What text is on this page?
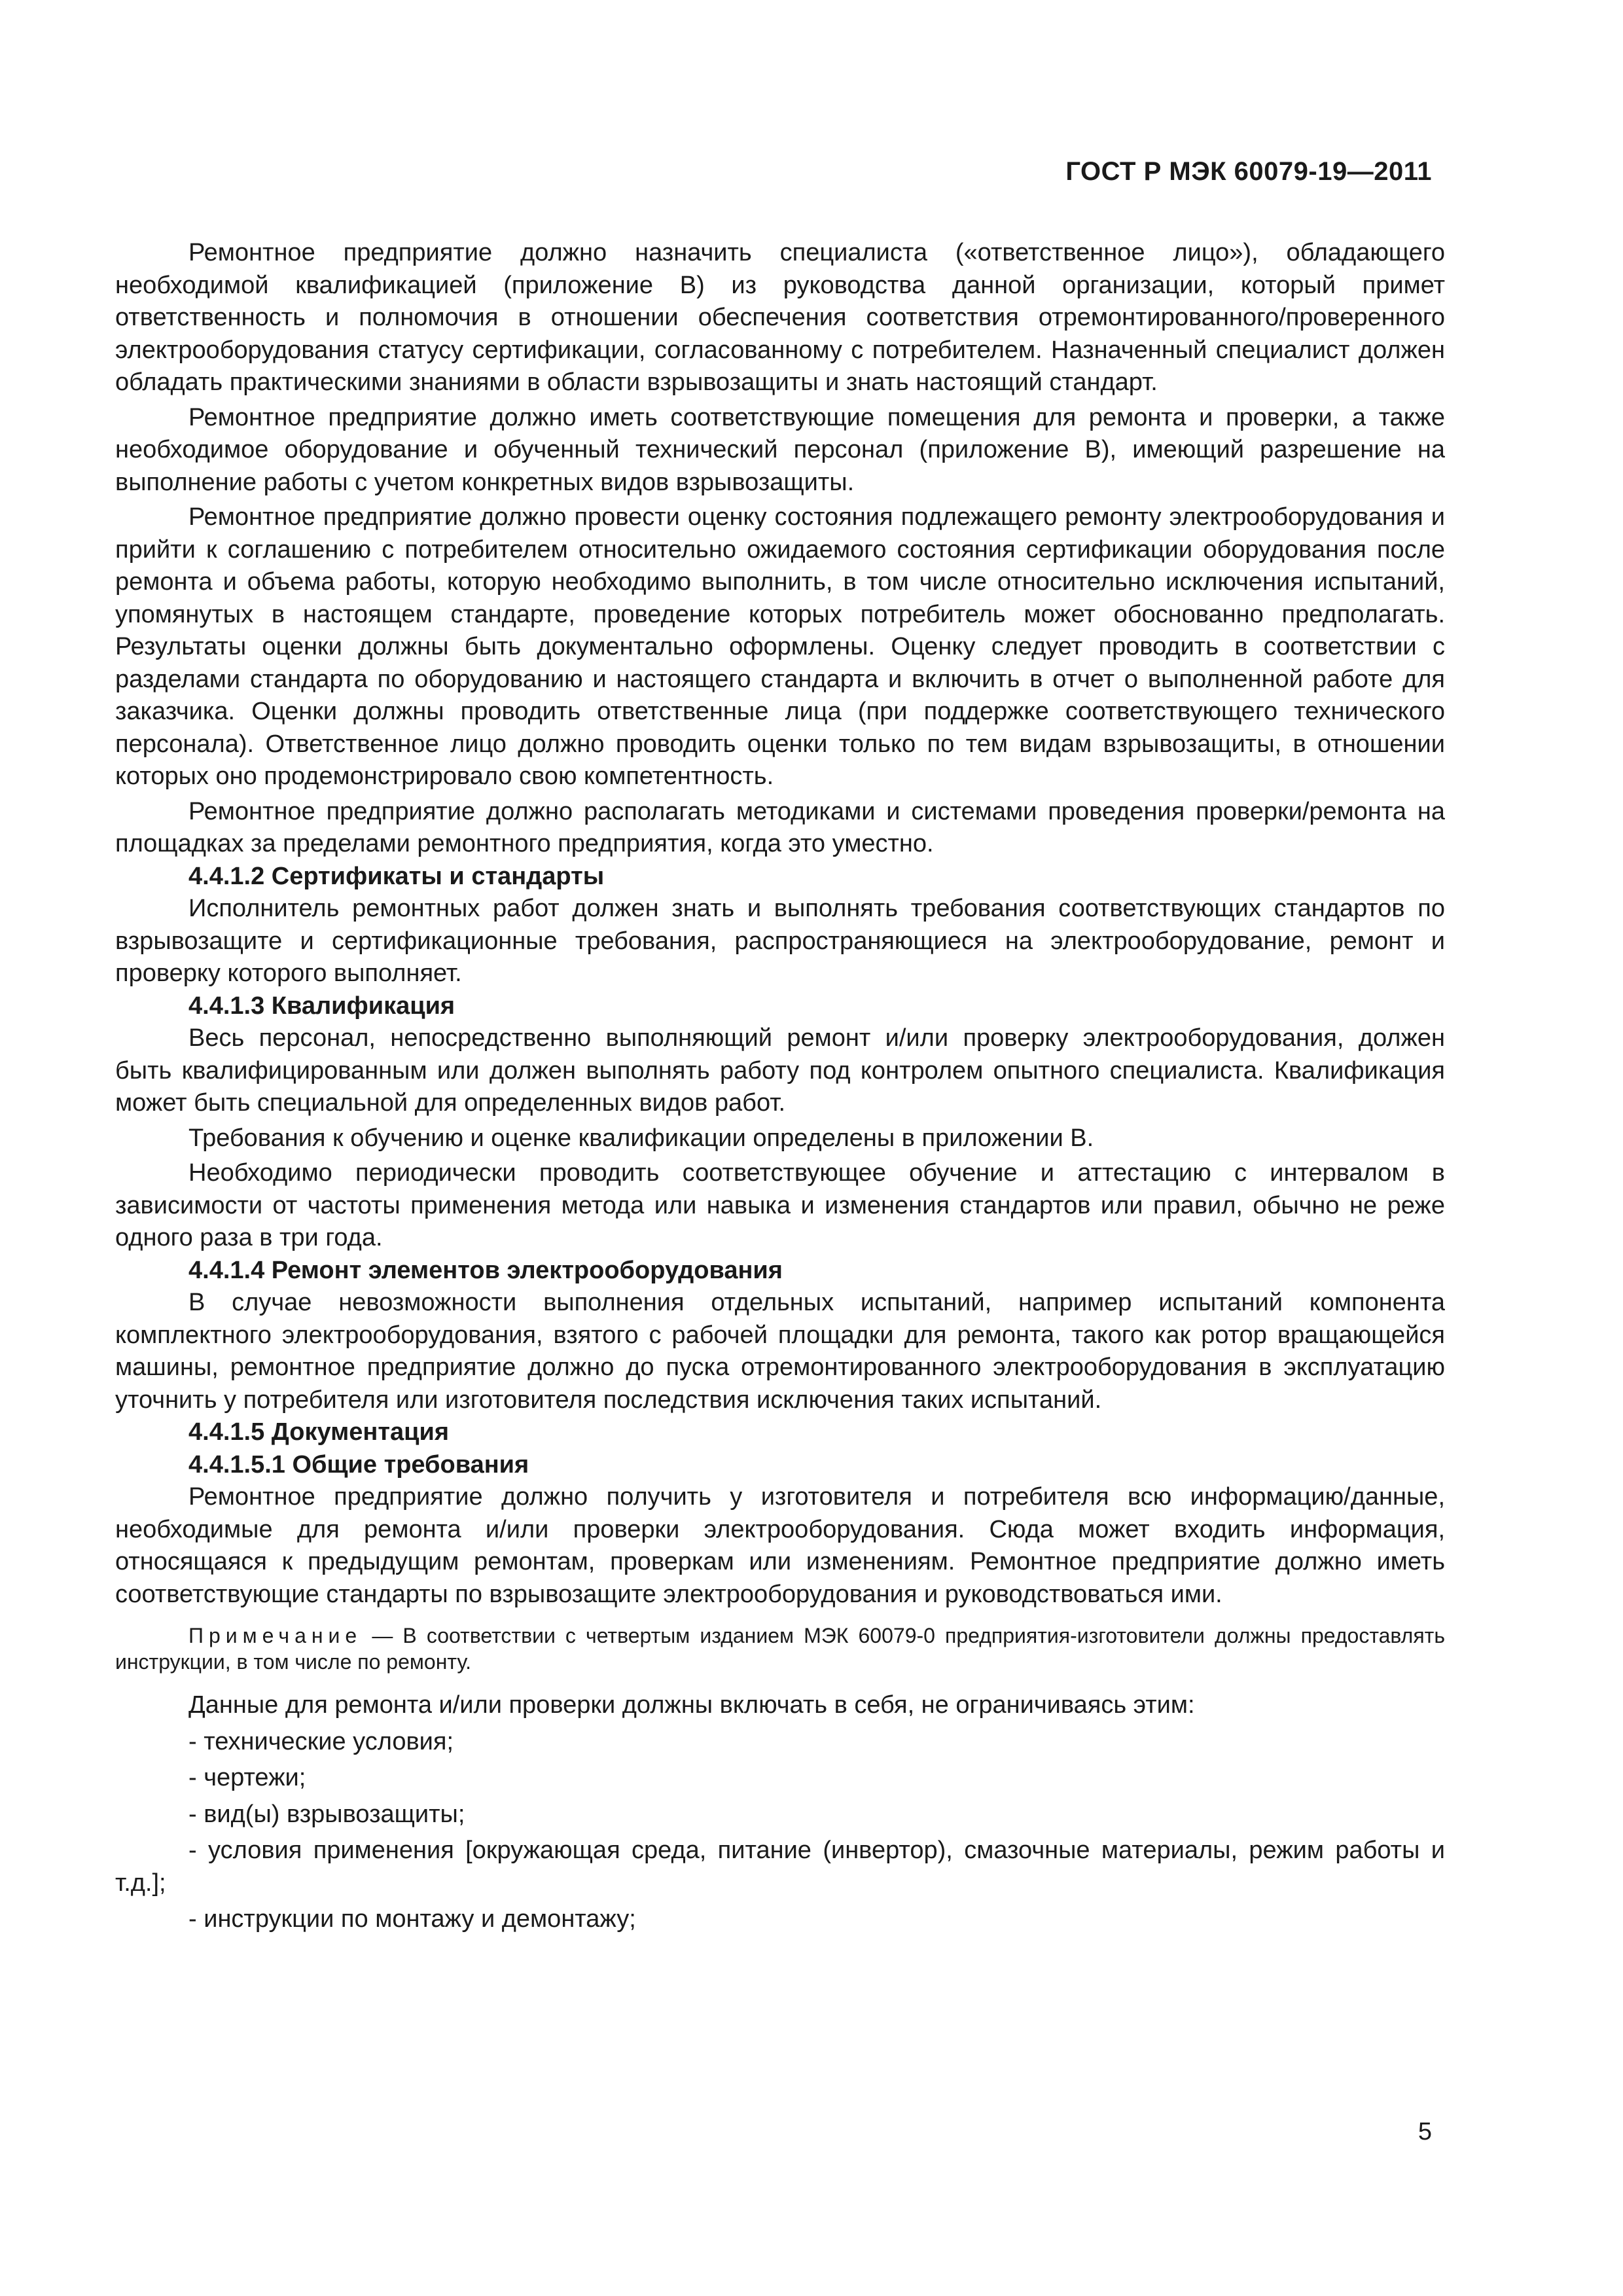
ГОСТ Р МЭК 60079-19—2011

Ремонтное предприятие должно назначить специалиста («ответственное лицо»), обладающего необходимой квалификацией (приложение В) из руководства данной организации, который примет ответственность и полномочия в отношении обеспечения соответствия отремонтированного/проверенного электрооборудования статусу сертификации, согласованному с потребителем. Назначенный специалист должен обладать практическими знаниями в области взрывозащиты и знать настоящий стандарт.

Ремонтное предприятие должно иметь соответствующие помещения для ремонта и проверки, а также необходимое оборудование и обученный технический персонал (приложение В), имеющий разрешение на выполнение работы с учетом конкретных видов взрывозащиты.

Ремонтное предприятие должно провести оценку состояния подлежащего ремонту электрооборудования и прийти к соглашению с потребителем относительно ожидаемого состояния сертификации оборудования после ремонта и объема работы, которую необходимо выполнить, в том числе относительно исключения испытаний, упомянутых в настоящем стандарте, проведение которых потребитель может обоснованно предполагать. Результаты оценки должны быть документально оформлены. Оценку следует проводить в соответствии с разделами стандарта по оборудованию и настоящего стандарта и включить в отчет о выполненной работе для заказчика. Оценки должны проводить ответственные лица (при поддержке соответствующего технического персонала). Ответственное лицо должно проводить оценки только по тем видам взрывозащиты, в отношении которых оно продемонстрировало свою компетентность.

Ремонтное предприятие должно располагать методиками и системами проведения проверки/ремонта на площадках за пределами ремонтного предприятия, когда это уместно.

4.4.1.2 Сертификаты и стандарты

Исполнитель ремонтных работ должен знать и выполнять требования соответствующих стандартов по взрывозащите и сертификационные требования, распространяющиеся на электрооборудование, ремонт и проверку которого выполняет.

4.4.1.3 Квалификация

Весь персонал, непосредственно выполняющий ремонт и/или проверку электрооборудования, должен быть квалифицированным или должен выполнять работу под контролем опытного специалиста. Квалификация может быть специальной для определенных видов работ.

Требования к обучению и оценке квалификации определены в приложении В.

Необходимо периодически проводить соответствующее обучение и аттестацию с интервалом в зависимости от частоты применения метода или навыка и изменения стандартов или правил, обычно не реже одного раза в три года.

4.4.1.4 Ремонт элементов электрооборудования

В случае невозможности выполнения отдельных испытаний, например испытаний компонента комплектного электрооборудования, взятого с рабочей площадки для ремонта, такого как ротор вращающейся машины, ремонтное предприятие должно до пуска отремонтированного электрооборудования в эксплуатацию уточнить у потребителя или изготовителя последствия исключения таких испытаний.

4.4.1.5 Документация
4.4.1.5.1 Общие требования

Ремонтное предприятие должно получить у изготовителя и потребителя всю информацию/данные, необходимые для ремонта и/или проверки электрооборудования. Сюда может входить информация, относящаяся к предыдущим ремонтам, проверкам или изменениям. Ремонтное предприятие должно иметь соответствующие стандарты по взрывозащите электрооборудования и руководствоваться ими.

Примечание — В соответствии с четвертым изданием МЭК 60079-0 предприятия-изготовители должны предоставлять инструкции, в том числе по ремонту.

Данные для ремонта и/или проверки должны включать в себя, не ограничиваясь этим:

- технические условия;
- чертежи;
- вид(ы) взрывозащиты;
- условия применения [окружающая среда, питание (инвертор), смазочные материалы, режим работы и т.д.];
- инструкции по монтажу и демонтажу;
5
